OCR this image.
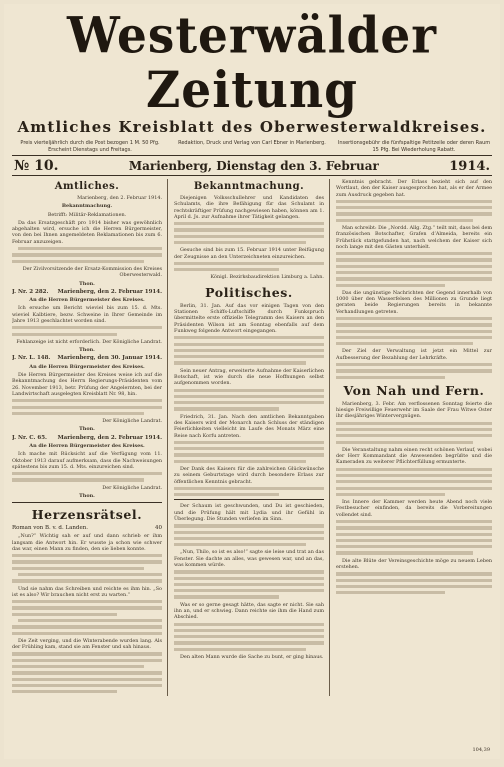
Westerwälder Zeitung
Amtliches Kreisblatt des Oberwesterwaldkreises.
Preis vierteljährlich durch die Post bezogen 1 M. 50 Pfg. Erscheint Dienstags und Freitags.
Redaktion, Druck und Verlag von Carl Ebner in Marienberg.	Insertionsgebühr die fünfspaltige Petitzeile oder deren Raum 15 Pfg. Bei Wiederholung Rabatt.
№ 10.	Marienberg, Dienstag den 3. Februar	1914.
Amtliches.

Marienberg, den 2. Februar 1914.

Bekanntmachung.

Betrifft: Militär-Reklamationen.

Da das Ersatzgeschäft pro 1914 bisher was gewöhnlich abgehalten wird, ersuche ich die Herren Bürgermeister, von den bei Ihnen angemeldeten Reklamationen bis zum 6. Februar anzuzeigen.

Der Zivilvorsitzende der Ersatz-Kommission des Kreises Oberwesterwald.

Thon.

J. Nr. 2 282. Marienberg, den 2. Februar 1914.

An die Herren Bürgermeister des Kreises.

Ich ersuche um Bericht wieviel bis zum 15. d. Mts. wieviel Kalbtiere, bezw. Schweine in Ihrer Gemeinde im Jahre 1913 geschlachtet worden sind.

Fehlanzeige ist nicht erforderlich. Der Königliche Landrat.

Thon.

J. Nr. L. 148. Marienberg, den 30. Januar 1914.

An die Herren Bürgermeister des Kreises.

Die Herren Bürgermeister des Kreises weise ich auf die Bekanntmachung des Herrn Regierungs-Präsidenten vom 26. November 1913, betr. Prüfung der Angelernten, bei der Landwirtschaft ausgelegten Kreisblatt Nr. 98, hin.

Der Königliche Landrat.

Thon.

J. Nr. C. 65. Marienberg, den 2. Februar 1914.

An die Herren Bürgermeister des Kreises.

Ich mache mit Rücksicht auf die Verfügung vom 11. Oktober 1913 darauf aufmerksam, dass die Nachweisungen spätestens bis zum 15. d. Mts. einzureichen sind.

Der Königliche Landrat.

Thon.

Herzensrätsel.
Roman von B. v. d. Landen.	40

„Nun?“ Wichtig sah er auf und dann schrieb er ihm langsam die Antwort hin. Er wusste ja schon wie schwer das war, einen Mann zu finden, den sie lieben konnte.

Und sie nahm das Schreiben und reichte es ihm hin. „So ist es also? Wir brauchen nicht erst zu warten.“

Die Zeit verging, und die Winterabende wurden lang. Als der Frühling kam, stand sie am Fenster und sah hinaus.

Bekanntmachung.

Diejenigen Volksschullehrer und Kandidaten des Schulamts, die ihre Befähigung für das Schulamt in rechtskräftiger Prüfung nachgewiesen haben, können am 1. April d. Js. zur Aufnahme ihrer Tätigkeit gelangen.

Gesuche sind bis zum 15. Februar 1914 unter Beifügung der Zeugnisse an den Unterzeichneten einzureichen.

Königl. Bezirksbaudirektion Limburg a. Lahn.

Politisches.

Berlin, 31. Jan. Auf das vor einigen Tagen von den Stationen Schiffs-Luftschiffe durch Funkspruch übermittelte erste offizielle Telegramm des Kaisers an den Präsidenten Wilson ist am Sonntag ebenfalls auf dem Funkweg folgende Antwort eingegangen.

Sein neuer Antrag, erweiterte Aufnahme der Kaiserlichen Botschaft, ist wie durch die neue Hoffnungen selbst aufgenommen worden.

Friedrich, 31. Jan. Nach den amtlichen Bekanntgaben des Kaisers wird der Monarch nach Schluss der ständigen Feierlichkeiten vielleicht im Laufe des Monats März eine Reise nach Korfu antreten.

Der Dank des Kaisers für die zahlreichen Glückwünsche zu seinem Geburtstage wird durch besondere Erlass zur öffentlichen Kenntnis gebracht.

Der Schaum ist geschwunden, und Du ist geschieden, und die Prüfung hält mit Lydia und ihr Gefühl in Überlegung. Die Stunden verliefen im Sinn.

„Nun, Thilo, so ist es also!“ sagte sie leise und trat an das Fenster. Sie dachte an alles, was gewesen war, und an das, was kommen würde.

Was er so gerne gesagt hätte, das sagte er nicht. Sie sah ihn an, und er schwieg. Dann reichte sie ihm die Hand zum Abschied.

Den alten Mann wurde die Sache zu bunt, er ging hinaus.

Kenntnis gebracht. Der Erlass bezieht sich auf den Wortlaut, den der Kaiser ausgesprochen hat, als er der Armee zum Ausdruck gegeben hat.

Man schreibt: Die „Nordd. Allg. Ztg.“ teilt mit, dass bei dem französischen Botschafter, Grafen d’Almeida, bereits ein Frühstück stattgefunden hat, nach welchem der Kaiser sich noch lange mit den Gästen unterhielt.

Das die ungünstige Nachrichten der Gegend innerhalb von 1000 über den Wasserfelsen des Millionen zu Grunde liegt geraten beide Regierungen bereits in bekannte Verhandlungen getreten.

Der Ziel der Verwaltung ist jetzt ein Mittel zur Aufbesserung der Bezahlung der Lehrkräfte.

Von Nah und Fern.

Marienberg, 3. Febr. Am verflossenen Sonntag feierte die hiesige Freiwillige Feuerwehr im Saale der Frau Witwe Oster ihr diesjähriges Wintervergnügen.

Die Veranstaltung nahm einen recht schönen Verlauf, wobei der Herr Kommandant die Anwesenden begrüßte und die Kameraden zu weiterer Pflichterfüllung ermunterte.

Ins Innere der Kammer werden heute Abend noch viele Festbesucher einfinden, da bereits die Vorbereitungen vollendet sind.

Die alte Blüte der Vereinsgeschichte möge zu neuem Leben erstehen.

104,39
